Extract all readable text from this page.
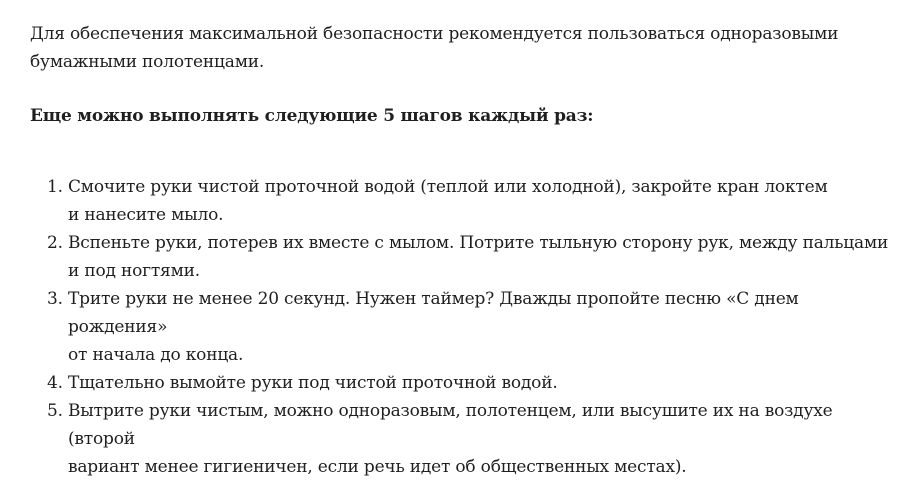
Для обеспечения максимальной безопасности рекомендуется пользоваться одноразовыми
бумажными полотенцами.

Еще можно выполнять следующие 5 шагов каждый раз:

1. Смочите руки чистой проточной водой (теплой или холодной), закройте кран локтем
и нанесите мыло.
2. Вспеньте руки, потерев их вместе с мылом. Потрите тыльную сторону рук, между пальцами
и под ногтями.
3. Трите руки не менее 20 секунд. Нужен таймер? Дважды пропойте песню «С днем рождения»
от начала до конца.
4. Тщательно вымойте руки под чистой проточной водой.
5. Вытрите руки чистым, можно одноразовым, полотенцем, или высушите их на воздухе (второй
вариант менее гигиеничен, если речь идет об общественных местах).
